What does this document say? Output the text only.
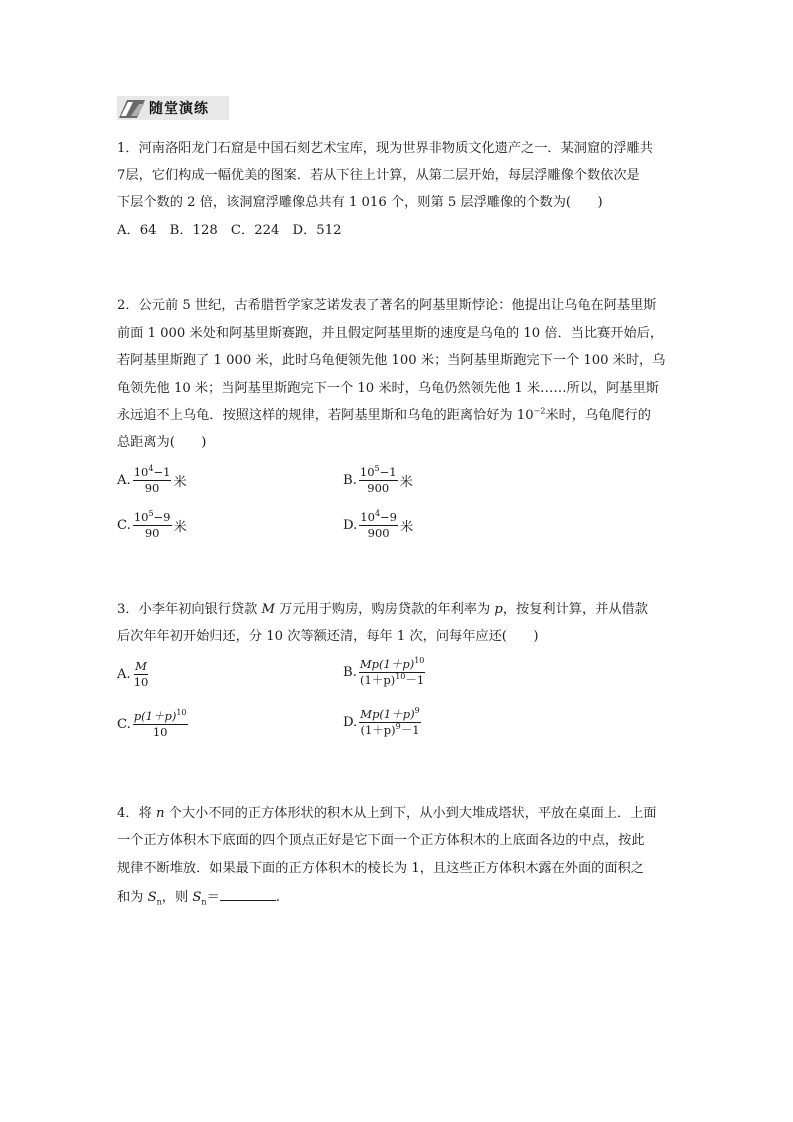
随堂演练
1．河南洛阳龙门石窟是中国石刻艺术宝库，现为世界非物质文化遗产之一．某洞窟的浮雕共
7层，它们构成一幅优美的图案．若从下往上计算，从第二层开始，每层浮雕像个数依次是
下层个数的 2 倍，该洞窟浮雕像总共有 1 016 个，则第 5 层浮雕像的个数为(　　)
A．64　B．128　C．224　D．512
2．公元前 5 世纪，古希腊哲学家芝诺发表了著名的阿基里斯悖论：他提出让乌龟在阿基里斯
前面 1 000 米处和阿基里斯赛跑，并且假定阿基里斯的速度是乌龟的 10 倍．当比赛开始后，
若阿基里斯跑了 1 000 米，此时乌龟便领先他 100 米；当阿基里斯跑完下一个 100 米时，乌
龟领先他 10 米；当阿基里斯跑完下一个 10 米时，乌龟仍然领先他 1 米……所以，阿基里斯
永远追不上乌龟．按照这样的规律，若阿基里斯和乌龟的距离恰好为 $10^{-2}$米时，乌龟爬行的
总距离为(　　)
A. $\frac{10^4-1}{90}$ 米	B. $\frac{10^5-1}{900}$ 米
C. $\frac{10^5-9}{90}$ 米	D. $\frac{10^4-9}{900}$ 米
3．小李年初向银行贷款 M 万元用于购房，购房贷款的年利率为 p，按复利计算，并从借款
后次年年初开始归还，分 10 次等额还清，每年 1 次，问每年应还(　　)
A. $\frac{M}{10}$	B. $\frac{Mp(1+p)^{10}}{(1+p)^{10}-1}$
C. $\frac{p(1+p)^{10}}{10}$	D. $\frac{Mp(1+p)^9}{(1+p)^9-1}$
4．将 n 个大小不同的正方体形状的积木从上到下，从小到大堆成塔状，平放在桌面上．上面
一个正方体积木下底面的四个顶点正好是它下面一个正方体积木的上底面各边的中点，按此
规律不断堆放．如果最下面的正方体积木的棱长为 1，且这些正方体积木露在外面的面积之
和为 $S_n$，则 $S_n=$	.
